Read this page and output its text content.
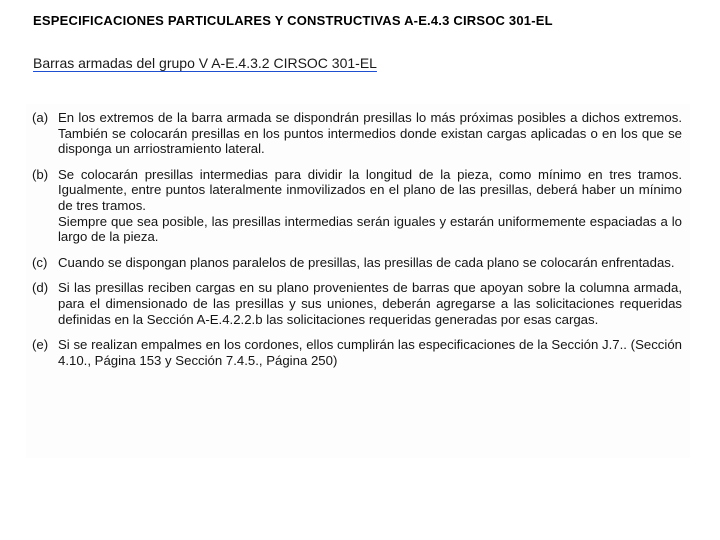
ESPECIFICACIONES PARTICULARES Y CONSTRUCTIVAS A-E.4.3 CIRSOC 301-EL
Barras armadas del grupo V A-E.4.3.2 CIRSOC 301-EL
(a) En los extremos de la barra armada se dispondrán presillas lo más próximas posibles a dichos extremos. También se colocarán presillas en los puntos intermedios donde existan cargas aplicadas o en los que se disponga un arriostramiento lateral.

(b) Se colocarán presillas intermedias para dividir la longitud de la pieza, como mínimo en tres tramos. Igualmente, entre puntos lateralmente inmovilizados en el plano de las presillas, deberá haber un mínimo de tres tramos.

Siempre que sea posible, las presillas intermedias serán iguales y estarán uniformemente espaciadas a lo largo de la pieza.

(c) Cuando se dispongan planos paralelos de presillas, las presillas de cada plano se colocarán enfrentadas.

(d) Si las presillas reciben cargas en su plano provenientes de barras que apoyan sobre la columna armada, para el dimensionado de las presillas y sus uniones, deberán agregarse a las solicitaciones requeridas definidas en la Sección A-E.4.2.2.b las solicitaciones requeridas generadas por esas cargas.

(e) Si se realizan empalmes en los cordones, ellos cumplirán las especificaciones de la Sección J.7.. (Sección 4.10., Página 153 y Sección 7.4.5., Página 250)
